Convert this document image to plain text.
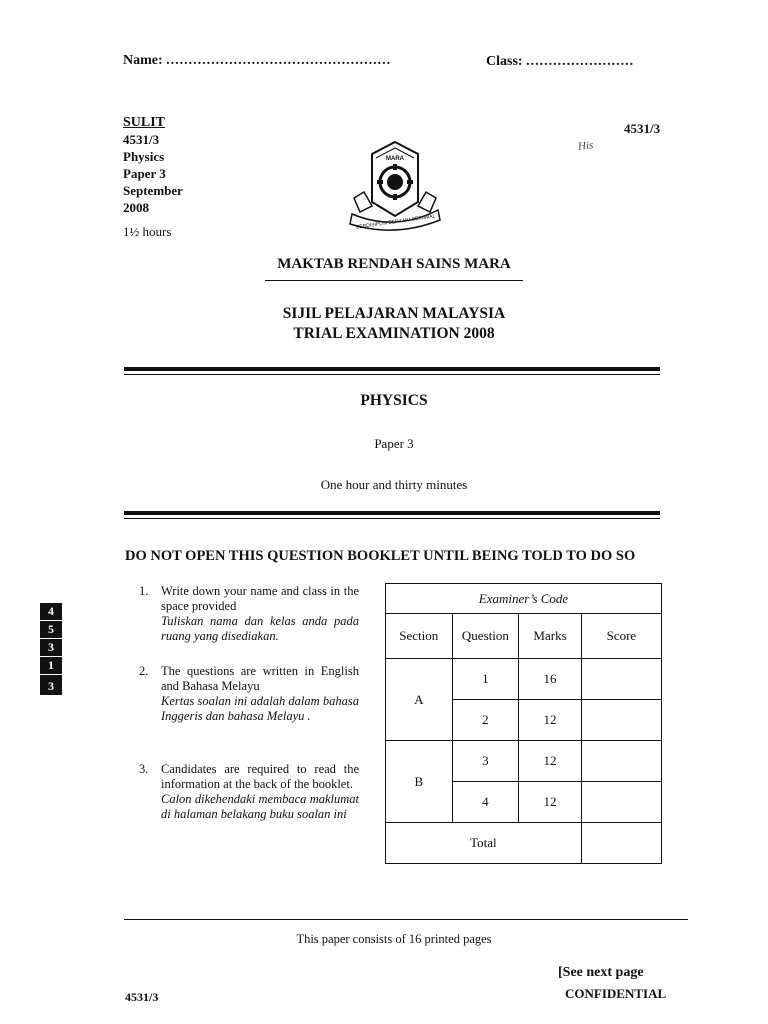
Name: ..................................................	Class: ........................
SULIT
4531/3
Physics
Paper 3
September
2008
1½ hours
4531/3
His
MARA
BERDISIPLIN BERILMU BERAMAL
MAKTAB RENDAH SAINS MARA
SIJIL PELAJARAN MALAYSIA
TRIAL EXAMINATION 2008
PHYSICS
Paper 3
One hour and thirty minutes
DO NOT OPEN THIS QUESTION BOOKLET UNTIL BEING TOLD TO DO SO
1. Write down your name and class in the space provided
Tuliskan nama dan kelas anda pada ruang yang disediakan.
2. The questions are written in English and Bahasa Melayu
Kertas soalan ini adalah dalam bahasa Inggeris dan bahasa Melayu .
3. Candidates are required to read the information at the back of the booklet.
Calon dikehendaki membaca maklumat di halaman belakang buku soalan ini
Examiner’s Code			
Section	Question	Marks	Score
A	1	16	
	2	12	
B	3	12	
	4	12	
Total			
4
5
3
1
3
This paper consists of 16 printed pages
[See next page
CONFIDENTIAL
4531/3
